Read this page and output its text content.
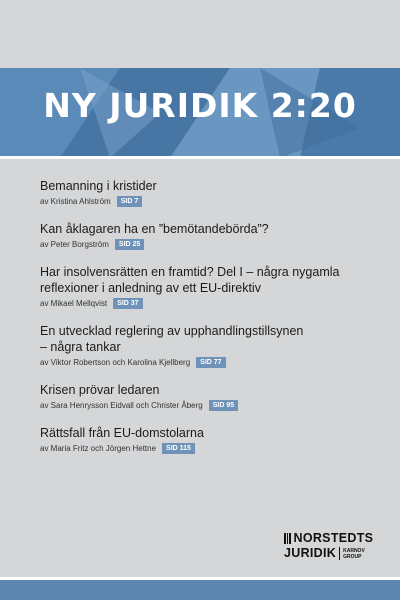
NY JURIDIK 2:20
Bemanning i kristider
av Kristina Ahlström	SID 7
Kan åklagaren ha en ”bemötandebörda”?
av Peter Borgström	SID 25
Har insolvensrätten en framtid? Del I – några nygamla
reflexioner i anledning av ett EU-direktiv
av Mikael Mellqvist	SID 37
En utvecklad reglering av upphandlingstillsynen
– några tankar
av Viktor Robertson och Karolina Kjellberg	SID 77
Krisen prövar ledaren
av Sara Henrysson Eidvall och Christer Åberg	SID 95
Rättsfall från EU-domstolarna
av Maria Fritz och Jörgen Hettne	SID 115
NORSTEDTS
JURIDIK KARNOV
GROUP
